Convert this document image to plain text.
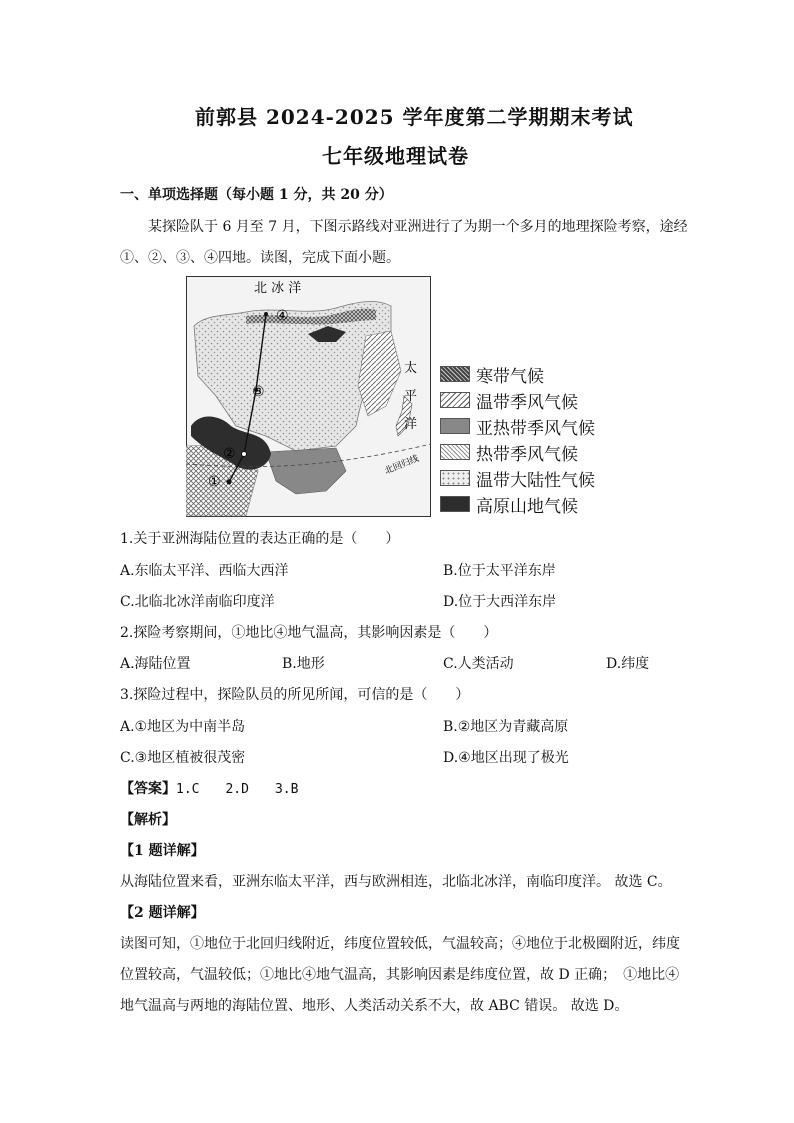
前郭县 2024-2025 学年度第二学期期末考试
七年级地理试卷
一、单项选择题（每小题 1 分，共 20 分）
某探险队于 6 月至 7 月，下图示路线对亚洲进行了为期一个多月的地理探险考察，途经
①、②、③、④四地。读图，完成下面小题。
①
②
③
④
北 冰 洋
太
平
洋
北回归线
寒带气候
温带季风气候
亚热带季风气候
热带季风气候
温带大陆性气候
高原山地气候
1.关于亚洲海陆位置的表达正确的是（　　）
A.东临太平洋、西临大西洋	B.位于太平洋东岸
C.北临北冰洋南临印度洋	D.位于大西洋东岸
2.探险考察期间，①地比④地气温高，其影响因素是（　　）
A.海陆位置	B.地形	C.人类活动	D.纬度
3.探险过程中，探险队员的所见所闻，可信的是（　　）
A.①地区为中南半岛	B.②地区为青藏高原
C.③地区植被很茂密	D.④地区出现了极光
【答案】1.C　　2.D　　3.B
【解析】
【1 题详解】
从海陆位置来看，亚洲东临太平洋，西与欧洲相连，北临北冰洋，南临印度洋。 故选 C。
【2 题详解】
读图可知，①地位于北回归线附近，纬度位置较低，气温较高；④地位于北极圈附近，纬度
位置较高，气温较低；①地比④地气温高，其影响因素是纬度位置，故 D 正确；　①地比④
地气温高与两地的海陆位置、地形、人类活动关系不大，故 ABC 错误。 故选 D。
